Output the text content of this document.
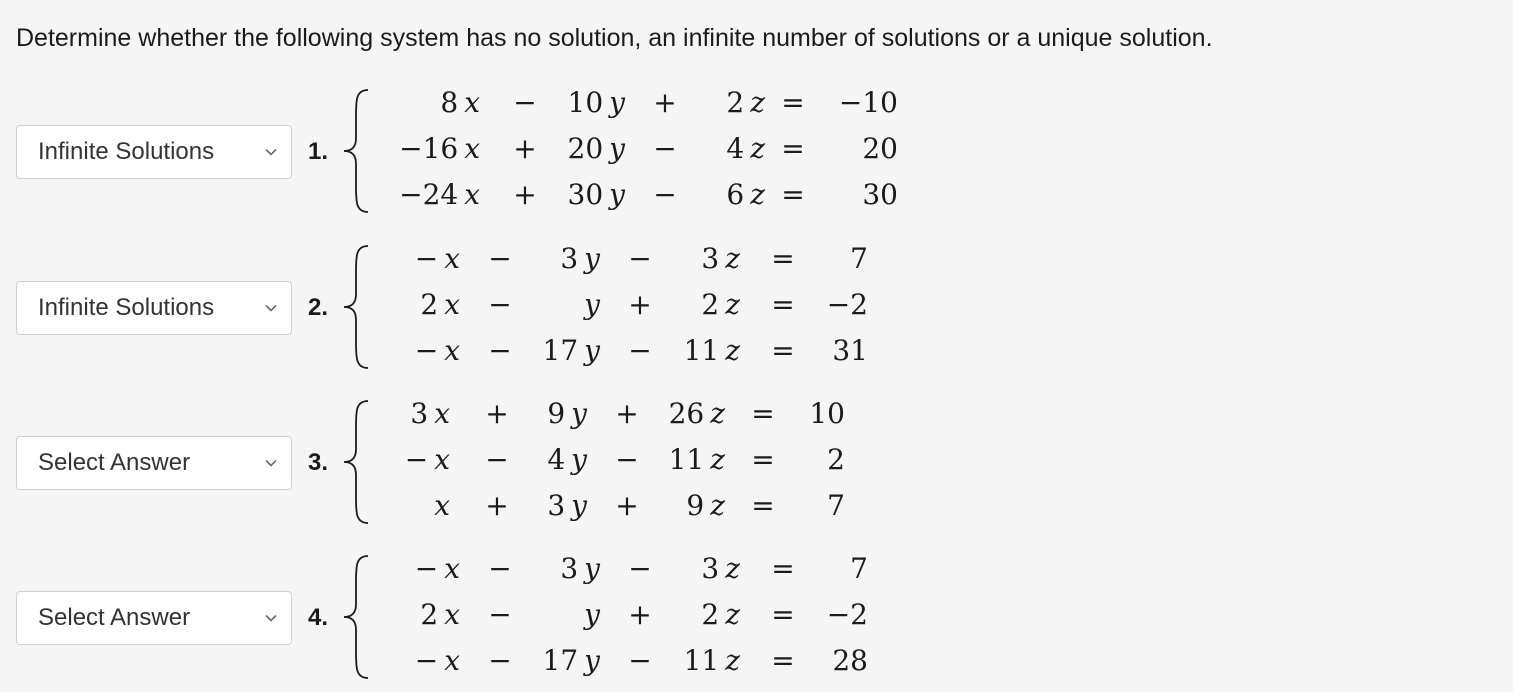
Determine whether the following system has no solution, an infinite number of solutions or a unique solution.
Infinite Solutions	1.
8 x −	10 y +	2 z =	−10
−16 x +	20 y −	4 z =	20
−24 x +	30 y −	6 z =	30
Infinite Solutions	2.
− x −	3 y −	3 z =	7
2 x −	y +	2 z =	−2
− x −	17 y −	11 z =	31
Select Answer	3.
3 x +	9 y +	26 z =	10
− x −	4 y −	11 z =	2
x +	3 y +	9 z =	7
Select Answer	4.
− x −	3 y −	3 z =	7
2 x −	y +	2 z =	−2
− x −	17 y −	11 z =	28
